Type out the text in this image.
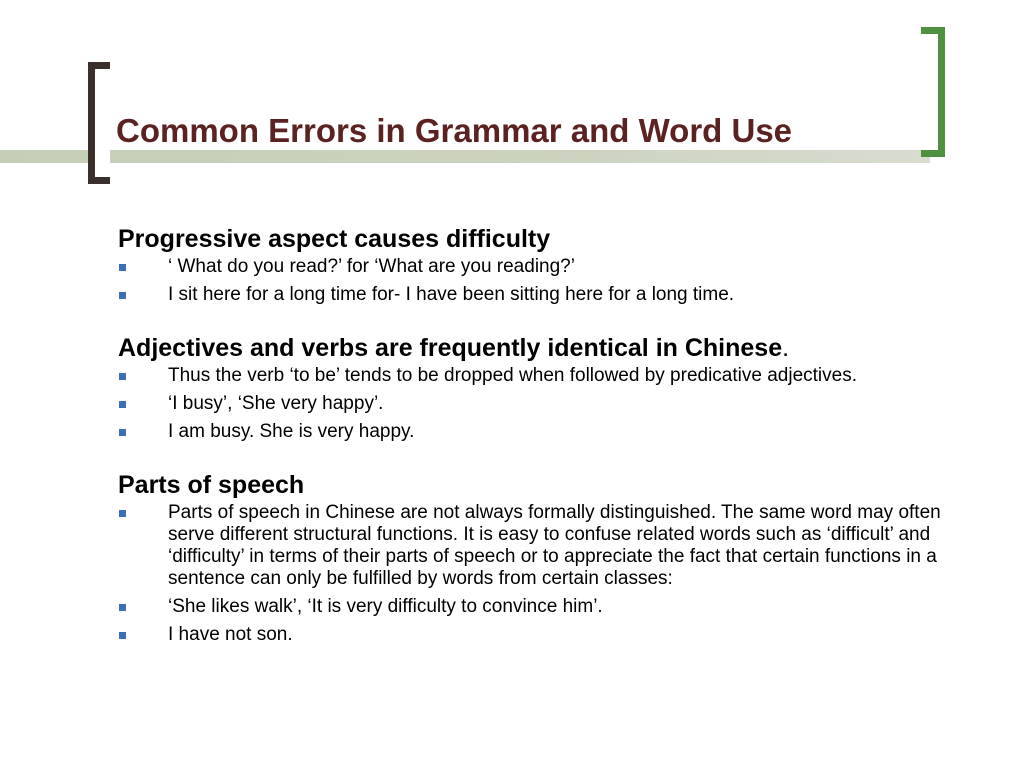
Common Errors in Grammar and Word Use

Progressive aspect causes difficulty

‘ What do you read?’ for ‘What are you reading?’
I sit here for a long time for- I have been sitting here for a long time.

Adjectives and verbs are frequently identical in Chinese.

Thus the verb ‘to be’ tends to be dropped when followed by predicative adjectives.
‘I busy’, ‘She very happy’.
I am busy. She is very happy.

Parts of speech

Parts of speech in Chinese are not always formally distinguished. The same word may often serve different structural functions. It is easy to confuse related words such as ‘difficult’ and ‘difficulty’ in terms of their parts of speech or to appreciate the fact that certain functions in a sentence can only be fulfilled by words from certain classes:
‘She likes walk’, ‘It is very difficulty to convince him’.
I have not son.
